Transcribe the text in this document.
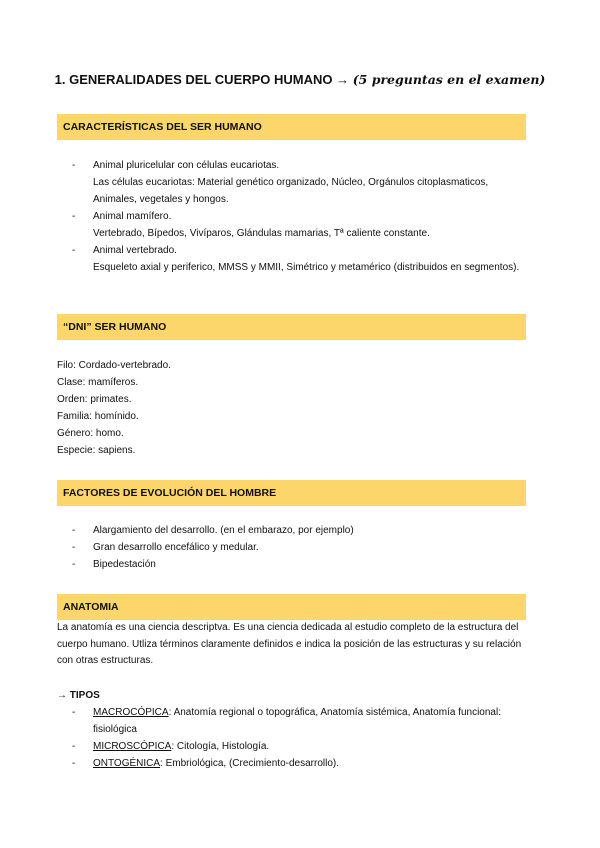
1. GENERALIDADES DEL CUERPO HUMANO → (5 preguntas en el examen)
CARACTERÍSTICAS DEL SER HUMANO
- Animal pluricelular con células eucariotas.
Las células eucariotas: Material genético organizado, Núcleo, Orgánulos citoplasmaticos, Animales, vegetales y hongos.
- Animal mamífero.
Vertebrado, Bípedos, Vivíparos, Glándulas mamarias, Tª caliente constante.
- Animal vertebrado.
Esqueleto axial y periferico, MMSS y MMII, Simétrico y metamérico (distribuidos en segmentos).
“DNI” SER HUMANO
Filo: Cordado-vertebrado.
Clase: mamíferos.
Orden: primates.
Familia: homínido.
Género: homo.
Especie: sapiens.
FACTORES DE EVOLUCIÓN DEL HOMBRE
- Alargamiento del desarrollo. (en el embarazo, por ejemplo)
- Gran desarrollo encefálico y medular.
- Bipedestación
ANATOMIA
La anatomía es una ciencia descriptva. Es una ciencia dedicada al estudio completo de la estructura del cuerpo humano. Utliza términos claramente definidos e indica la posición de las estructuras y su relación con otras estructuras.
→ TIPOS
- MACROCÓPICA: Anatomía regional o topográfica, Anatomía sistémica, Anatomía funcional: fisiológica
- MICROSCÓPICA: Citología, Histología.
- ONTOGÉNICA: Embriológica, (Crecimiento-desarrollo).
